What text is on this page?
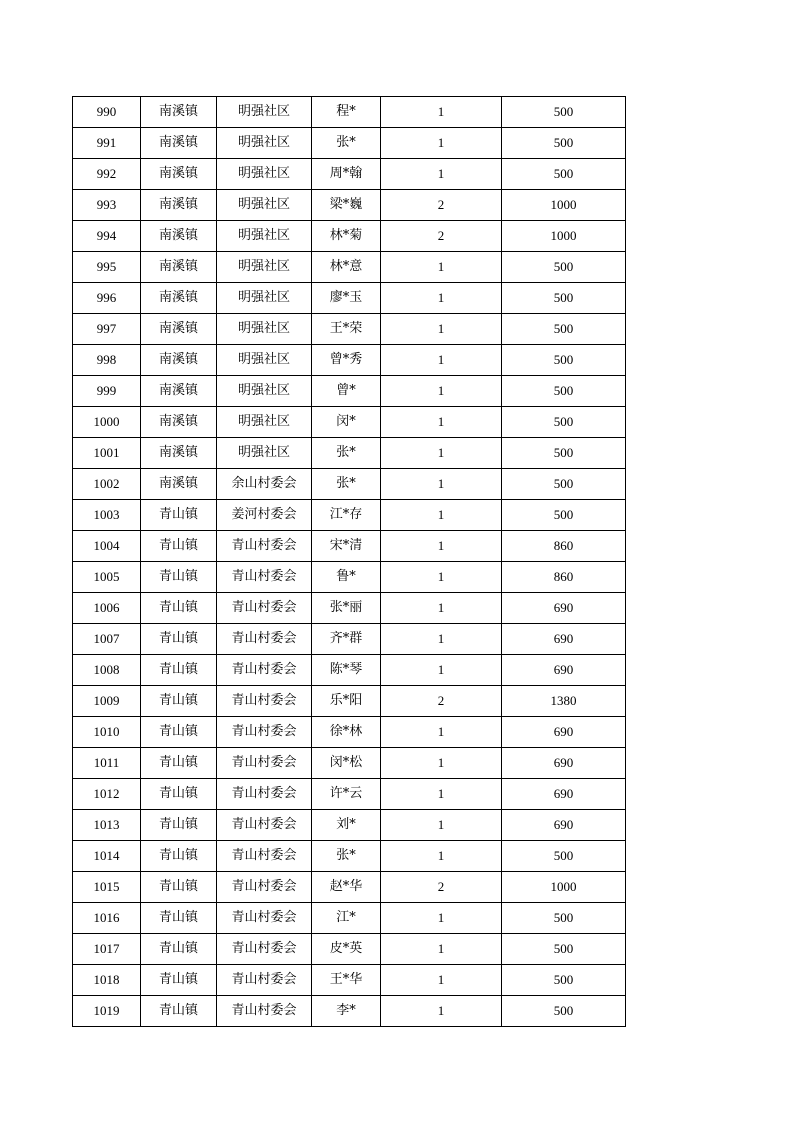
990	南溪镇	明强社区	程*	1	500
991	南溪镇	明强社区	张*	1	500
992	南溪镇	明强社区	周*翰	1	500
993	南溪镇	明强社区	梁*巍	2	1000
994	南溪镇	明强社区	林*菊	2	1000
995	南溪镇	明强社区	林*意	1	500
996	南溪镇	明强社区	廖*玉	1	500
997	南溪镇	明强社区	王*荣	1	500
998	南溪镇	明强社区	曾*秀	1	500
999	南溪镇	明强社区	曾*	1	500
1000	南溪镇	明强社区	闵*	1	500
1001	南溪镇	明强社区	张*	1	500
1002	南溪镇	余山村委会	张*	1	500
1003	青山镇	姜河村委会	江*存	1	500
1004	青山镇	青山村委会	宋*清	1	860
1005	青山镇	青山村委会	鲁*	1	860
1006	青山镇	青山村委会	张*丽	1	690
1007	青山镇	青山村委会	齐*群	1	690
1008	青山镇	青山村委会	陈*琴	1	690
1009	青山镇	青山村委会	乐*阳	2	1380
1010	青山镇	青山村委会	徐*林	1	690
1011	青山镇	青山村委会	闵*松	1	690
1012	青山镇	青山村委会	许*云	1	690
1013	青山镇	青山村委会	刘*	1	690
1014	青山镇	青山村委会	张*	1	500
1015	青山镇	青山村委会	赵*华	2	1000
1016	青山镇	青山村委会	江*	1	500
1017	青山镇	青山村委会	皮*英	1	500
1018	青山镇	青山村委会	王*华	1	500
1019	青山镇	青山村委会	李*	1	500
